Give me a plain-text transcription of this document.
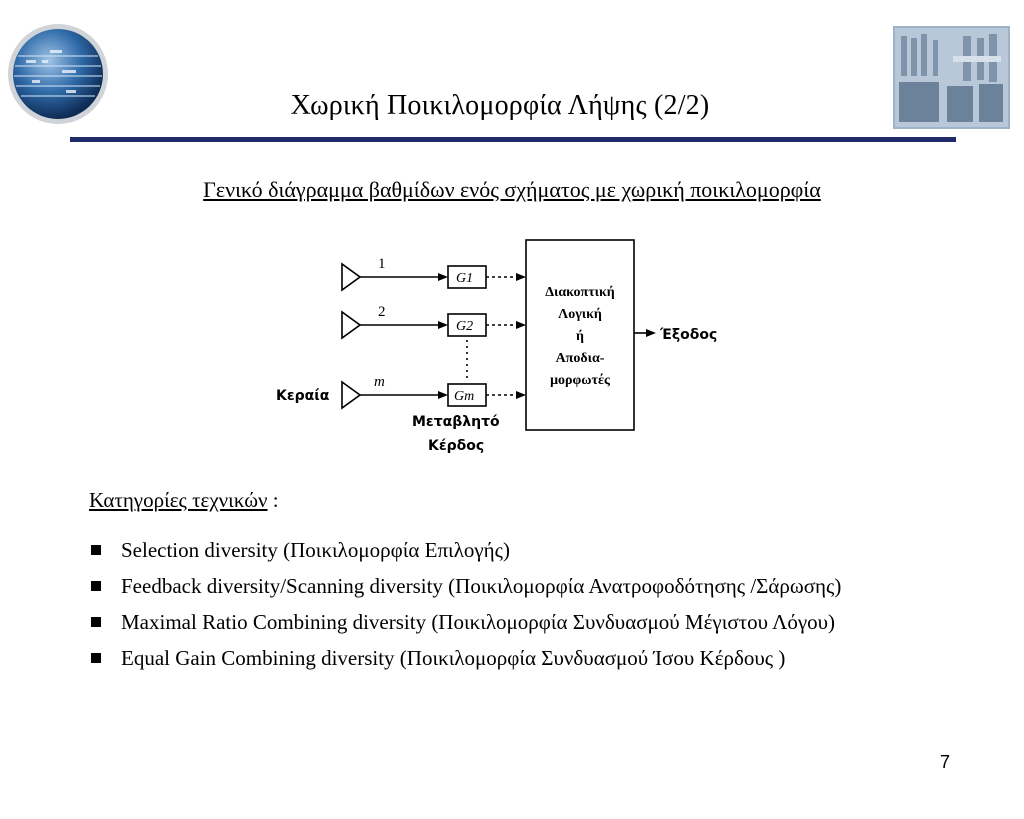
Χωρική Ποικιλομορφία Λήψης (2/2)
Γενικό διάγραμμα βαθμίδων ενός σχήματος με χωρική ποικιλομορφία
1
2
m
G1
G2
Gm
Κεραία
Μεταβλητό
Κέρδος
Διακοπτική
Λογική
ή
Αποδια-
μορφωτές
Έξοδος
Κατηγορίες τεχνικών :
Selection diversity (Ποικιλομορφία Επιλογής)
Feedback diversity/Scanning diversity (Ποικιλομορφία Ανατροφοδότησης /Σάρωσης)
Maximal Ratio Combining diversity (Ποικιλομορφία Συνδυασμού Μέγιστου Λόγου)
Equal Gain Combining diversity (Ποικιλομορφία Συνδυασμού Ίσου Κέρδους )
7
